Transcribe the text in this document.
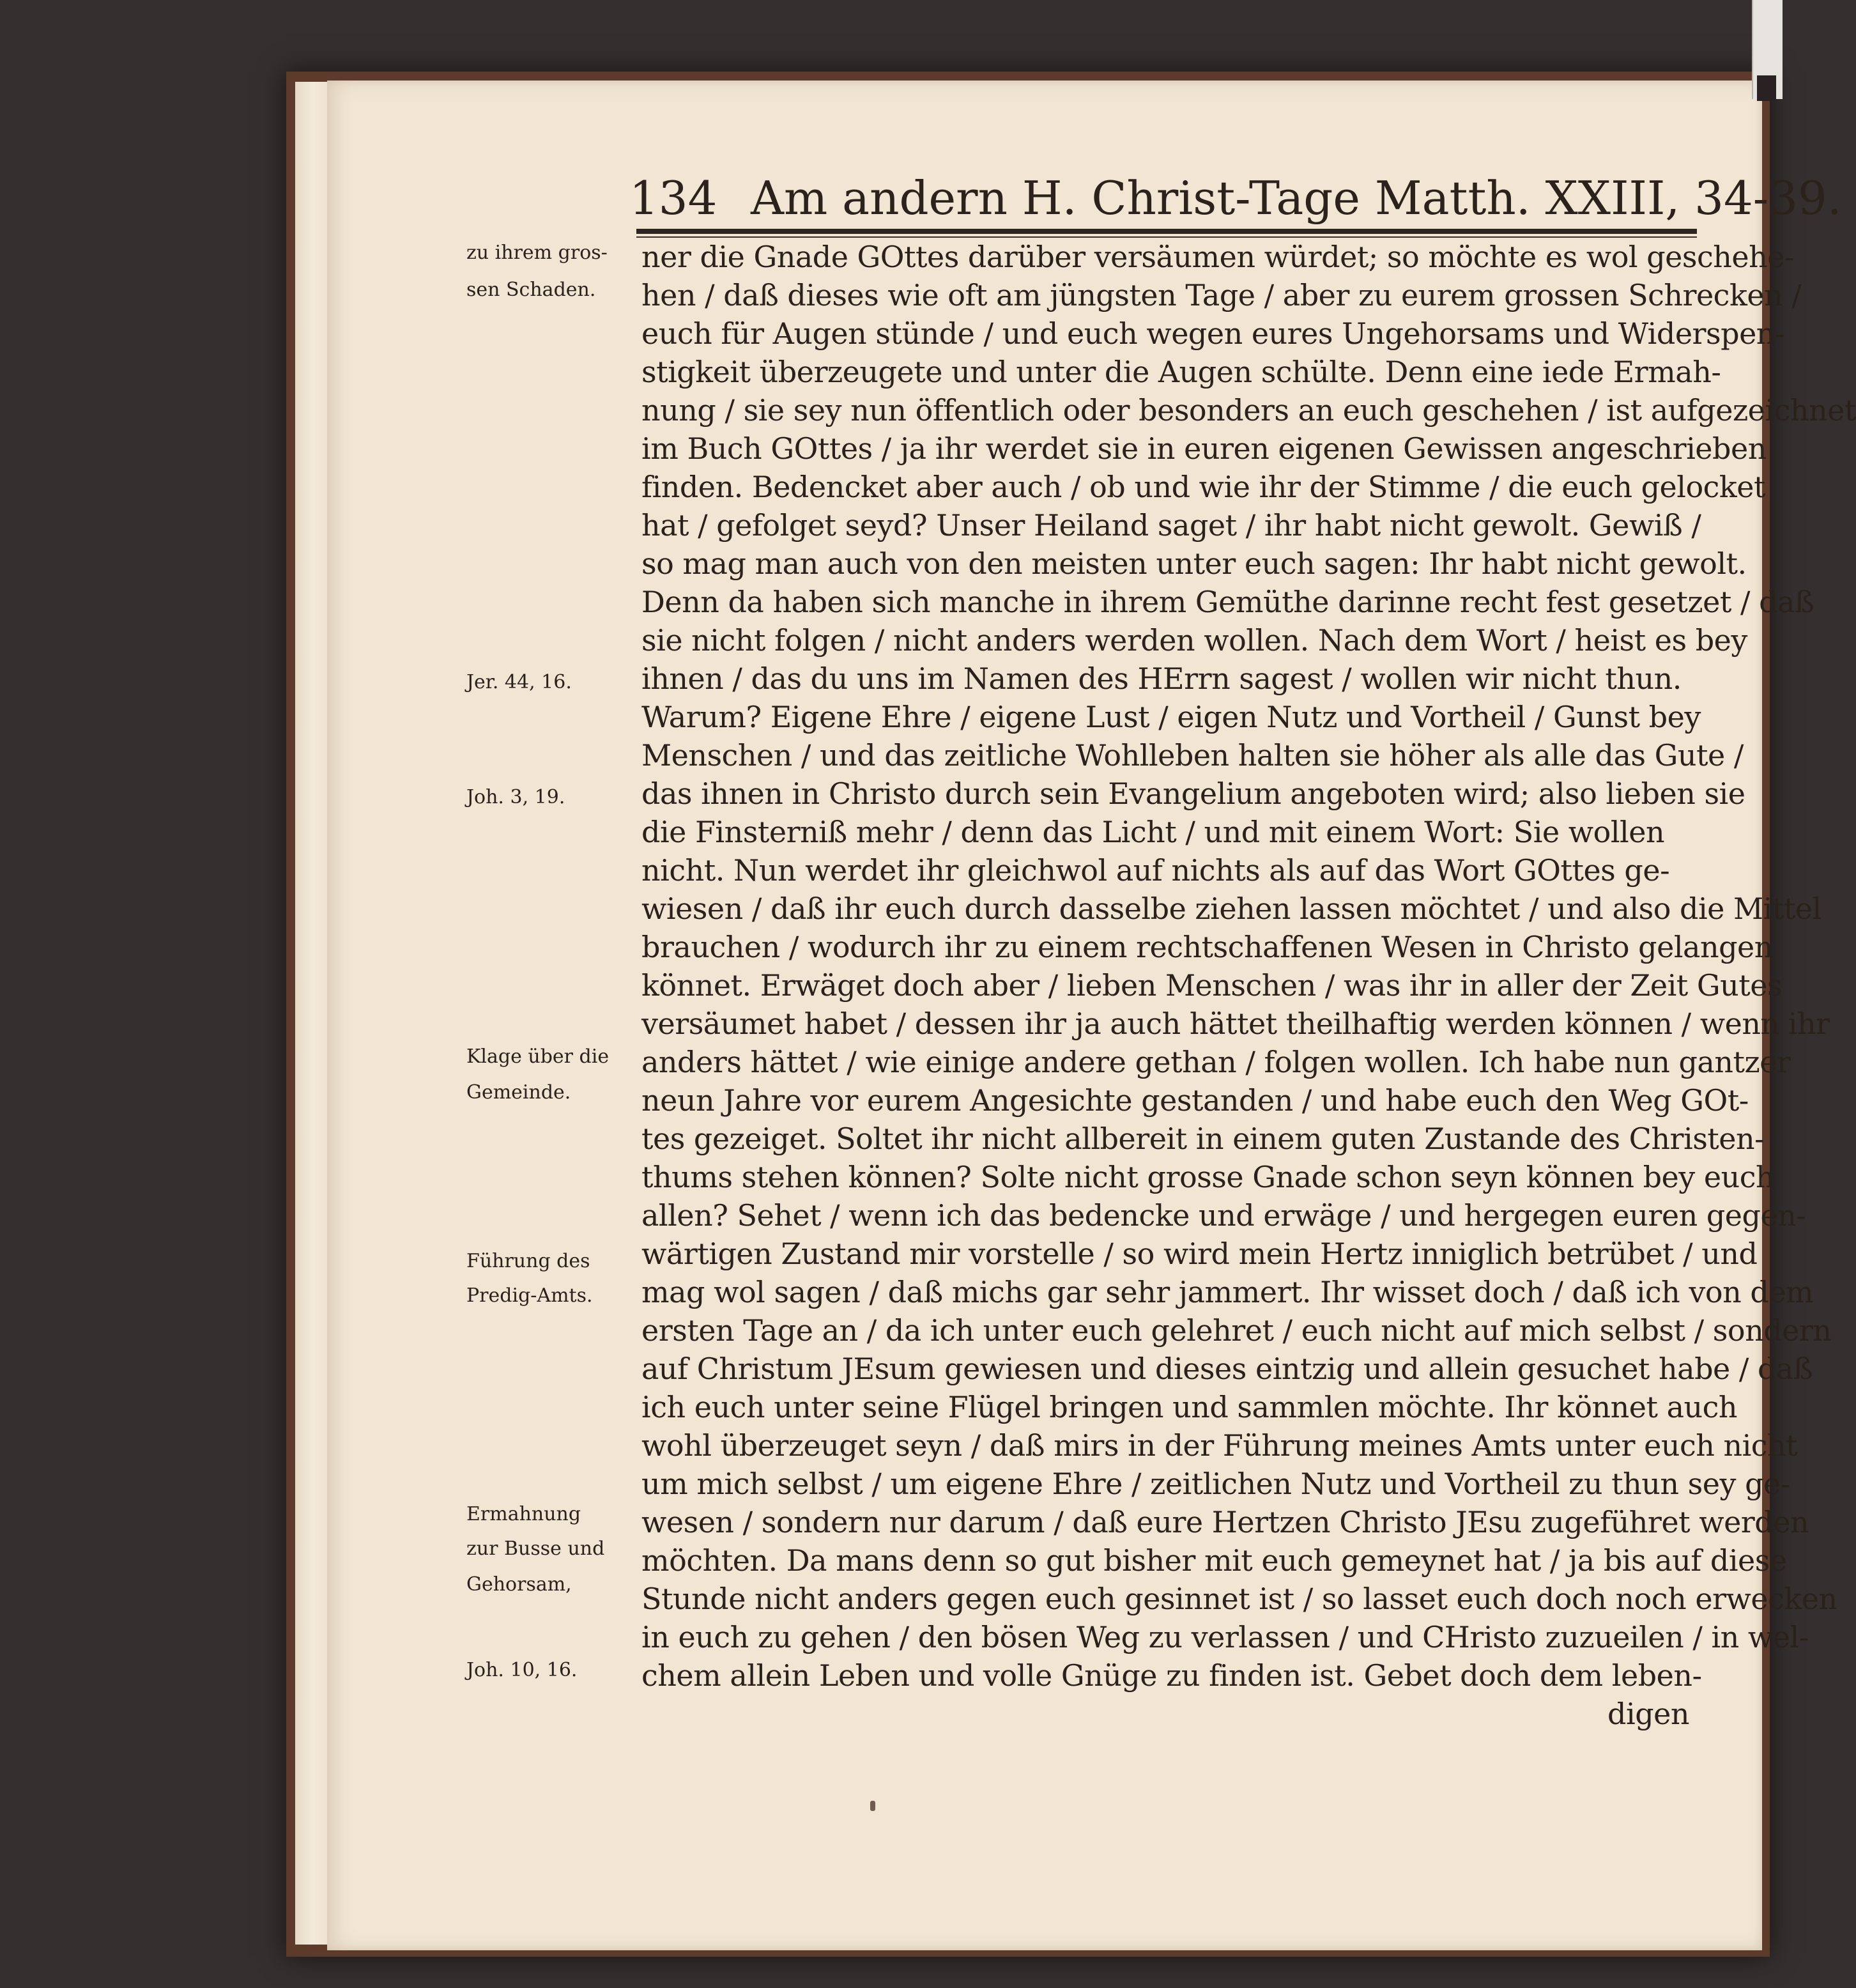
134 Am andern H. Christ-Tage Matth. XXIII, 34-39.
zu ihrem gros-
sen Schaden.
Jer. 44, 16.
Joh. 3, 19.
Klage über die
Gemeinde.
Führung des
Predig-Amts.
Ermahnung
zur Busse und
Gehorsam,
Joh. 10, 16.
ner die Gnade GOttes darüber versäumen würdet; so möchte es wol geschehe-
hen / daß dieses wie oft am jüngsten Tage / aber zu eurem grossen Schrecken /
euch für Augen stünde / und euch wegen eures Ungehorsams und Widerspen-
stigkeit überzeugete und unter die Augen schülte. Denn eine iede Ermah-
nung / sie sey nun öffentlich oder besonders an euch geschehen / ist aufgezeichnet
im Buch GOttes / ja ihr werdet sie in euren eigenen Gewissen angeschrieben
finden. Bedencket aber auch / ob und wie ihr der Stimme / die euch gelocket
hat / gefolget seyd? Unser Heiland saget / ihr habt nicht gewolt. Gewiß /
so mag man auch von den meisten unter euch sagen: Ihr habt nicht gewolt.
Denn da haben sich manche in ihrem Gemüthe darinne recht fest gesetzet / daß
sie nicht folgen / nicht anders werden wollen. Nach dem Wort / heist es bey
ihnen / das du uns im Namen des HErrn sagest / wollen wir nicht thun.
Warum? Eigene Ehre / eigene Lust / eigen Nutz und Vortheil / Gunst bey
Menschen / und das zeitliche Wohlleben halten sie höher als alle das Gute /
das ihnen in Christo durch sein Evangelium angeboten wird; also lieben sie
die Finsterniß mehr / denn das Licht / und mit einem Wort: Sie wollen
nicht. Nun werdet ihr gleichwol auf nichts als auf das Wort GOttes ge-
wiesen / daß ihr euch durch dasselbe ziehen lassen möchtet / und also die Mittel
brauchen / wodurch ihr zu einem rechtschaffenen Wesen in Christo gelangen
könnet. Erwäget doch aber / lieben Menschen / was ihr in aller der Zeit Gutes
versäumet habet / dessen ihr ja auch hättet theilhaftig werden können / wenn ihr
anders hättet / wie einige andere gethan / folgen wollen. Ich habe nun gantzer
neun Jahre vor eurem Angesichte gestanden / und habe euch den Weg GOt-
tes gezeiget. Soltet ihr nicht allbereit in einem guten Zustande des Christen-
thums stehen können? Solte nicht grosse Gnade schon seyn können bey euch
allen? Sehet / wenn ich das bedencke und erwäge / und hergegen euren gegen-
wärtigen Zustand mir vorstelle / so wird mein Hertz inniglich betrübet / und
mag wol sagen / daß michs gar sehr jammert. Ihr wisset doch / daß ich von dem
ersten Tage an / da ich unter euch gelehret / euch nicht auf mich selbst / sondern
auf Christum JEsum gewiesen und dieses eintzig und allein gesuchet habe / daß
ich euch unter seine Flügel bringen und sammlen möchte. Ihr könnet auch
wohl überzeuget seyn / daß mirs in der Führung meines Amts unter euch nicht
um mich selbst / um eigene Ehre / zeitlichen Nutz und Vortheil zu thun sey ge-
wesen / sondern nur darum / daß eure Hertzen Christo JEsu zugeführet werden
möchten. Da mans denn so gut bisher mit euch gemeynet hat / ja bis auf diese
Stunde nicht anders gegen euch gesinnet ist / so lasset euch doch noch erwecken
in euch zu gehen / den bösen Weg zu verlassen / und CHristo zuzueilen / in wel-
chem allein Leben und volle Gnüge zu finden ist. Gebet doch dem leben-
digen
